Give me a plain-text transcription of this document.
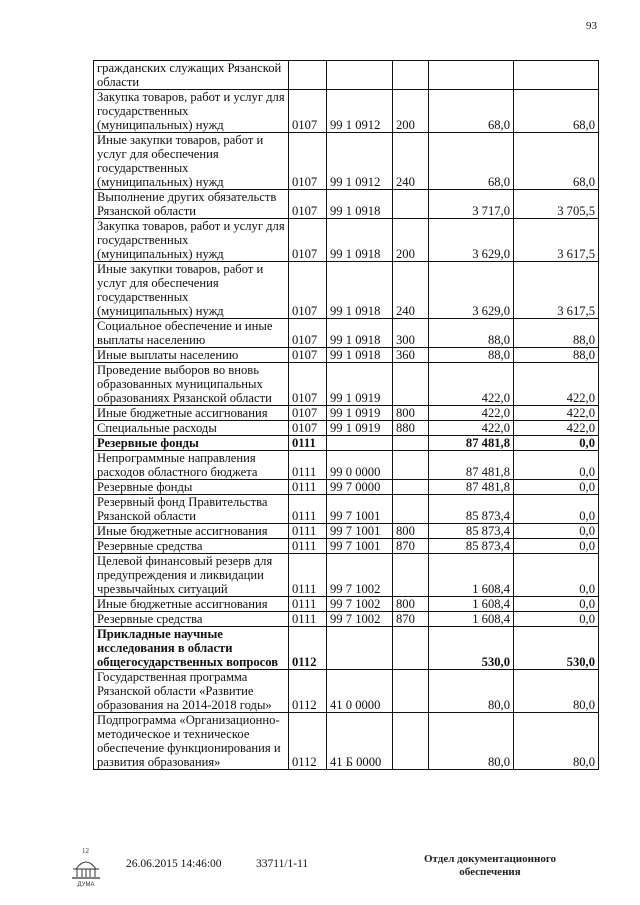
93
гражданских служащих Рязанской области					
Закупка товаров, работ и услуг для государственных (муниципальных) нужд	0107	99 1 0912	200	68,0	68,0
Иные закупки товаров, работ и услуг для обеспечения государственных (муниципальных) нужд	0107	99 1 0912	240	68,0	68,0
Выполнение других обязательств Рязанской области	0107	99 1 0918		3 717,0	3 705,5
Закупка товаров, работ и услуг для государственных (муниципальных) нужд	0107	99 1 0918	200	3 629,0	3 617,5
Иные закупки товаров, работ и услуг для обеспечения государственных (муниципальных) нужд	0107	99 1 0918	240	3 629,0	3 617,5
Социальное обеспечение и иные выплаты населению	0107	99 1 0918	300	88,0	88,0
Иные выплаты населению	0107	99 1 0918	360	88,0	88,0
Проведение выборов во вновь образованных муниципальных образованиях Рязанской области	0107	99 1 0919		422,0	422,0
Иные бюджетные ассигнования	0107	99 1 0919	800	422,0	422,0
Специальные расходы	0107	99 1 0919	880	422,0	422,0
Резервные фонды	0111			87 481,8	0,0
Непрограммные направления расходов областного бюджета	0111	99 0 0000		87 481,8	0,0
Резервные фонды	0111	99 7 0000		87 481,8	0,0
Резервный фонд Правительства Рязанской области	0111	99 7 1001		85 873,4	0,0
Иные бюджетные ассигнования	0111	99 7 1001	800	85 873,4	0,0
Резервные средства	0111	99 7 1001	870	85 873,4	0,0
Целевой финансовый резерв для предупреждения и ликвидации чрезвычайных ситуаций	0111	99 7 1002		1 608,4	0,0
Иные бюджетные ассигнования	0111	99 7 1002	800	1 608,4	0,0
Резервные средства	0111	99 7 1002	870	1 608,4	0,0
Прикладные научные исследования в области общегосударственных вопросов	0112			530,0	530,0
Государственная программа Рязанской области «Развитие образования на 2014-2018 годы»	0112	41 0 0000		80,0	80,0
Подпрограмма «Организационно-методическое и техническое обеспечение функционирования и развития образования»	0112	41 Б 0000		80,0	80,0
12
ДУМА
26.06.2015 14:46:00	33711/1-11	Отдел документационного обеспечения
